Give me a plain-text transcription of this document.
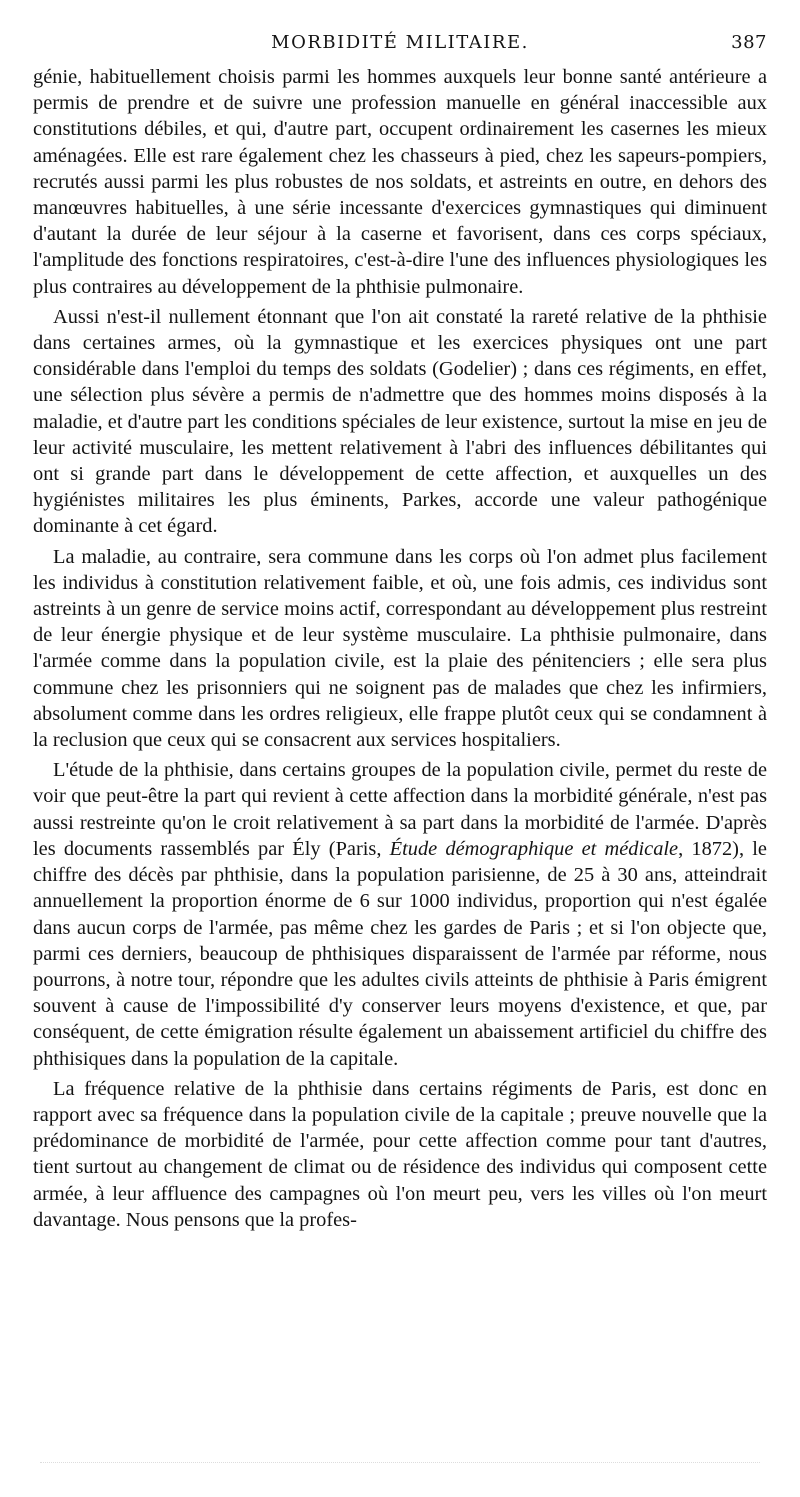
MORBIDITÉ MILITAIRE.	387

génie, habituellement choisis parmi les hommes auxquels leur bonne santé antérieure a permis de prendre et de suivre une profession manuelle en général inaccessible aux constitutions débiles, et qui, d'autre part, occupent ordinairement les casernes les mieux aménagées. Elle est rare également chez les chasseurs à pied, chez les sapeurs-pompiers, recrutés aussi parmi les plus robustes de nos soldats, et astreints en outre, en dehors des manœuvres habituelles, à une série incessante d'exercices gymnastiques qui diminuent d'autant la durée de leur séjour à la caserne et favorisent, dans ces corps spéciaux, l'amplitude des fonctions respiratoires, c'est-à-dire l'une des influences physiologiques les plus contraires au développement de la phthisie pulmonaire.

Aussi n'est-il nullement étonnant que l'on ait constaté la rareté relative de la phthisie dans certaines armes, où la gymnastique et les exercices physiques ont une part considérable dans l'emploi du temps des soldats (Godelier) ; dans ces régiments, en effet, une sélection plus sévère a permis de n'admettre que des hommes moins disposés à la maladie, et d'autre part les conditions spéciales de leur existence, surtout la mise en jeu de leur activité musculaire, les mettent relativement à l'abri des influences débilitantes qui ont si grande part dans le développement de cette affection, et auxquelles un des hygiénistes militaires les plus éminents, Parkes, accorde une valeur pathogénique dominante à cet égard.

La maladie, au contraire, sera commune dans les corps où l'on admet plus facilement les individus à constitution relativement faible, et où, une fois admis, ces individus sont astreints à un genre de service moins actif, correspondant au développement plus restreint de leur énergie physique et de leur système musculaire. La phthisie pulmonaire, dans l'armée comme dans la population civile, est la plaie des pénitenciers ; elle sera plus commune chez les prisonniers qui ne soignent pas de malades que chez les infirmiers, absolument comme dans les ordres religieux, elle frappe plutôt ceux qui se condamnent à la reclusion que ceux qui se consacrent aux services hospitaliers.

L'étude de la phthisie, dans certains groupes de la population civile, permet du reste de voir que peut-être la part qui revient à cette affection dans la morbidité générale, n'est pas aussi restreinte qu'on le croit relativement à sa part dans la morbidité de l'armée. D'après les documents rassemblés par Ély (Paris, Étude démographique et médicale, 1872), le chiffre des décès par phthisie, dans la population parisienne, de 25 à 30 ans, atteindrait annuellement la proportion énorme de 6 sur 1000 individus, proportion qui n'est égalée dans aucun corps de l'armée, pas même chez les gardes de Paris ; et si l'on objecte que, parmi ces derniers, beaucoup de phthisiques disparaissent de l'armée par réforme, nous pourrons, à notre tour, répondre que les adultes civils atteints de phthisie à Paris émigrent souvent à cause de l'impossibilité d'y conserver leurs moyens d'existence, et que, par conséquent, de cette émigration résulte également un abaissement artificiel du chiffre des phthisiques dans la population de la capitale.

La fréquence relative de la phthisie dans certains régiments de Paris, est donc en rapport avec sa fréquence dans la population civile de la capitale ; preuve nouvelle que la prédominance de morbidité de l'armée, pour cette affection comme pour tant d'autres, tient surtout au changement de climat ou de résidence des individus qui composent cette armée, à leur affluence des campagnes où l'on meurt peu, vers les villes où l'on meurt davantage. Nous pensons que la profes-
